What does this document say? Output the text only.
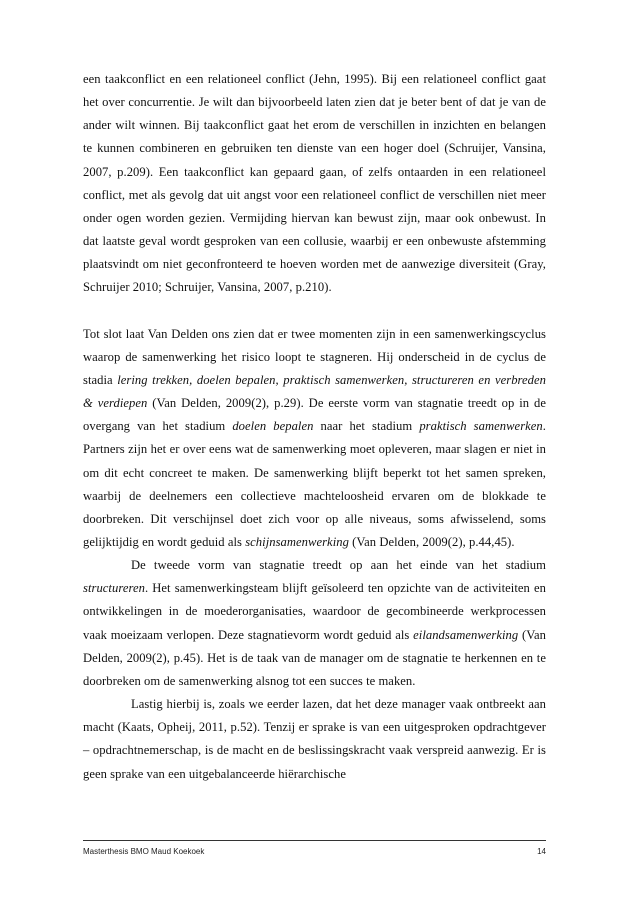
een taakconflict en een relationeel conflict (Jehn, 1995). Bij een relationeel conflict gaat het over concurrentie. Je wilt dan bijvoorbeeld laten zien dat je beter bent of dat je van de ander wilt winnen. Bij taakconflict gaat het erom de verschillen in inzichten en belangen te kunnen combineren en gebruiken ten dienste van een hoger doel (Schruijer, Vansina, 2007, p.209). Een taakconflict kan gepaard gaan, of zelfs ontaarden in een relationeel conflict, met als gevolg dat uit angst voor een relationeel conflict de verschillen niet meer onder ogen worden gezien. Vermijding hiervan kan bewust zijn, maar ook onbewust. In dat laatste geval wordt gesproken van een collusie, waarbij er een onbewuste afstemming plaatsvindt om niet geconfronteerd te hoeven worden met de aanwezige diversiteit (Gray, Schruijer 2010; Schruijer, Vansina, 2007, p.210).

Tot slot laat Van Delden ons zien dat er twee momenten zijn in een samenwerkingscyclus waarop de samenwerking het risico loopt te stagneren. Hij onderscheid in de cyclus de stadia lering trekken, doelen bepalen, praktisch samenwerken, structureren en verbreden & verdiepen (Van Delden, 2009(2), p.29). De eerste vorm van stagnatie treedt op in de overgang van het stadium doelen bepalen naar het stadium praktisch samenwerken. Partners zijn het er over eens wat de samenwerking moet opleveren, maar slagen er niet in om dit echt concreet te maken. De samenwerking blijft beperkt tot het samen spreken, waarbij de deelnemers een collectieve machteloosheid ervaren om de blokkade te doorbreken. Dit verschijnsel doet zich voor op alle niveaus, soms afwisselend, soms gelijktijdig en wordt geduid als schijnsamenwerking (Van Delden, 2009(2), p.44,45).

De tweede vorm van stagnatie treedt op aan het einde van het stadium structureren. Het samenwerkingsteam blijft geïsoleerd ten opzichte van de activiteiten en ontwikkelingen in de moederorganisaties, waardoor de gecombineerde werkprocessen vaak moeizaam verlopen. Deze stagnatievorm wordt geduid als eilandsamenwerking (Van Delden, 2009(2), p.45). Het is de taak van de manager om de stagnatie te herkennen en te doorbreken om de samenwerking alsnog tot een succes te maken.

Lastig hierbij is, zoals we eerder lazen, dat het deze manager vaak ontbreekt aan macht (Kaats, Opheij, 2011, p.52). Tenzij er sprake is van een uitgesproken opdrachtgever – opdrachtnemerschap, is de macht en de beslissingskracht vaak verspreid aanwezig. Er is geen sprake van een uitgebalanceerde hiërarchische

Masterthesis BMO Maud Koekoek	14
